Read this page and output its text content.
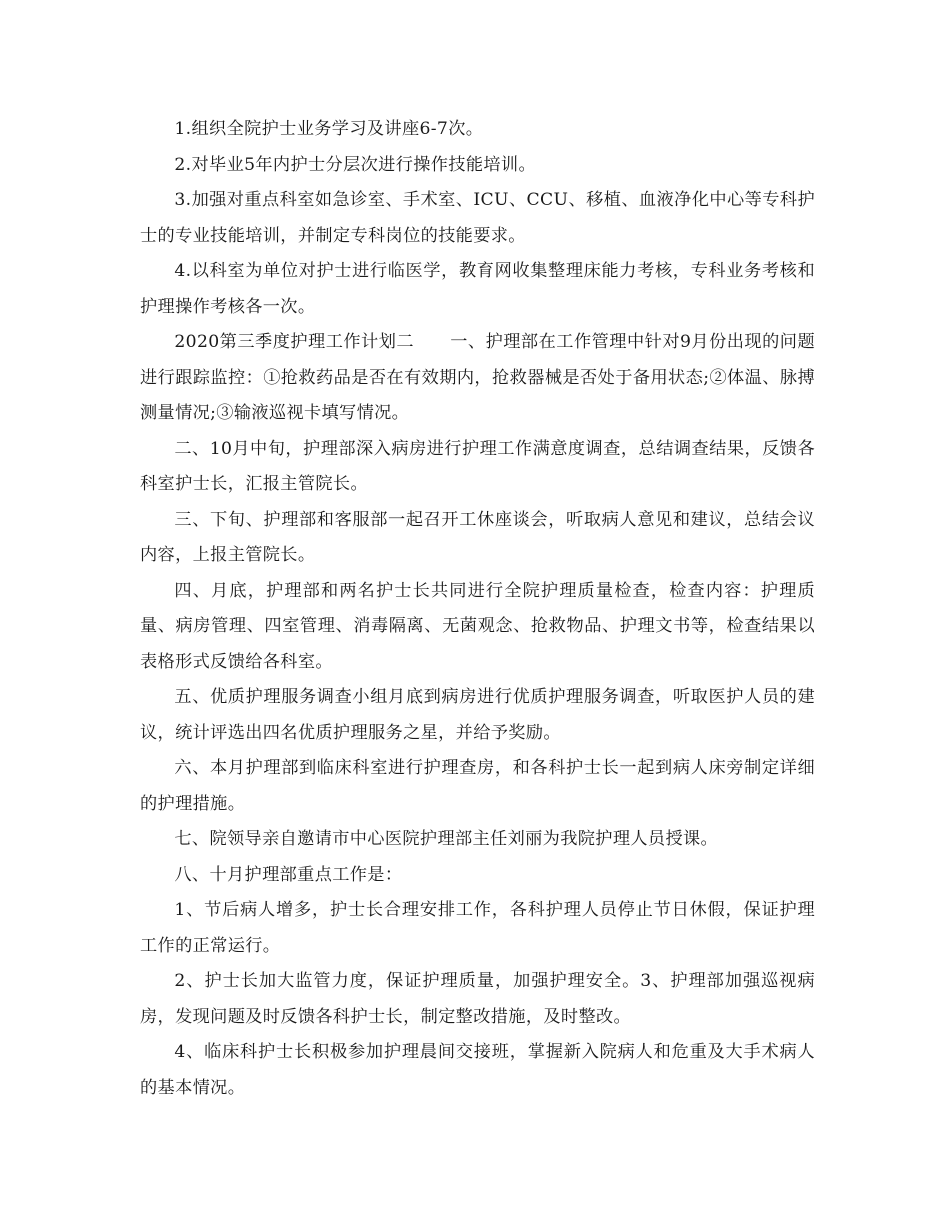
1.组织全院护士业务学习及讲座6-7次。

2.对毕业5年内护士分层次进行操作技能培训。

3.加强对重点科室如急诊室、手术室、ICU、CCU、移植、血液净化中心等专科护士的专业技能培训，并制定专科岗位的技能要求。

4.以科室为单位对护士进行临医学，教育网收集整理床能力考核，专科业务考核和护理操作考核各一次。

2020第三季度护理工作计划二 一、护理部在工作管理中针对9月份出现的问题进行跟踪监控：①抢救药品是否在有效期内，抢救器械是否处于备用状态;②体温、脉搏测量情况;③输液巡视卡填写情况。

二、10月中旬，护理部深入病房进行护理工作满意度调查，总结调查结果，反馈各科室护士长，汇报主管院长。

三、下旬、护理部和客服部一起召开工休座谈会，听取病人意见和建议，总结会议内容，上报主管院长。

四、月底，护理部和两名护士长共同进行全院护理质量检查，检查内容：护理质量、病房管理、四室管理、消毒隔离、无菌观念、抢救物品、护理文书等，检查结果以表格形式反馈给各科室。

五、优质护理服务调查小组月底到病房进行优质护理服务调查，听取医护人员的建议，统计评选出四名优质护理服务之星，并给予奖励。

六、本月护理部到临床科室进行护理查房，和各科护士长一起到病人床旁制定详细的护理措施。

七、院领导亲自邀请市中心医院护理部主任刘丽为我院护理人员授课。

八、十月护理部重点工作是：

1、节后病人增多，护士长合理安排工作，各科护理人员停止节日休假，保证护理工作的正常运行。

2、护士长加大监管力度，保证护理质量，加强护理安全。3、护理部加强巡视病房，发现问题及时反馈各科护士长，制定整改措施，及时整改。

4、临床科护士长积极参加护理晨间交接班，掌握新入院病人和危重及大手术病人的基本情况。
